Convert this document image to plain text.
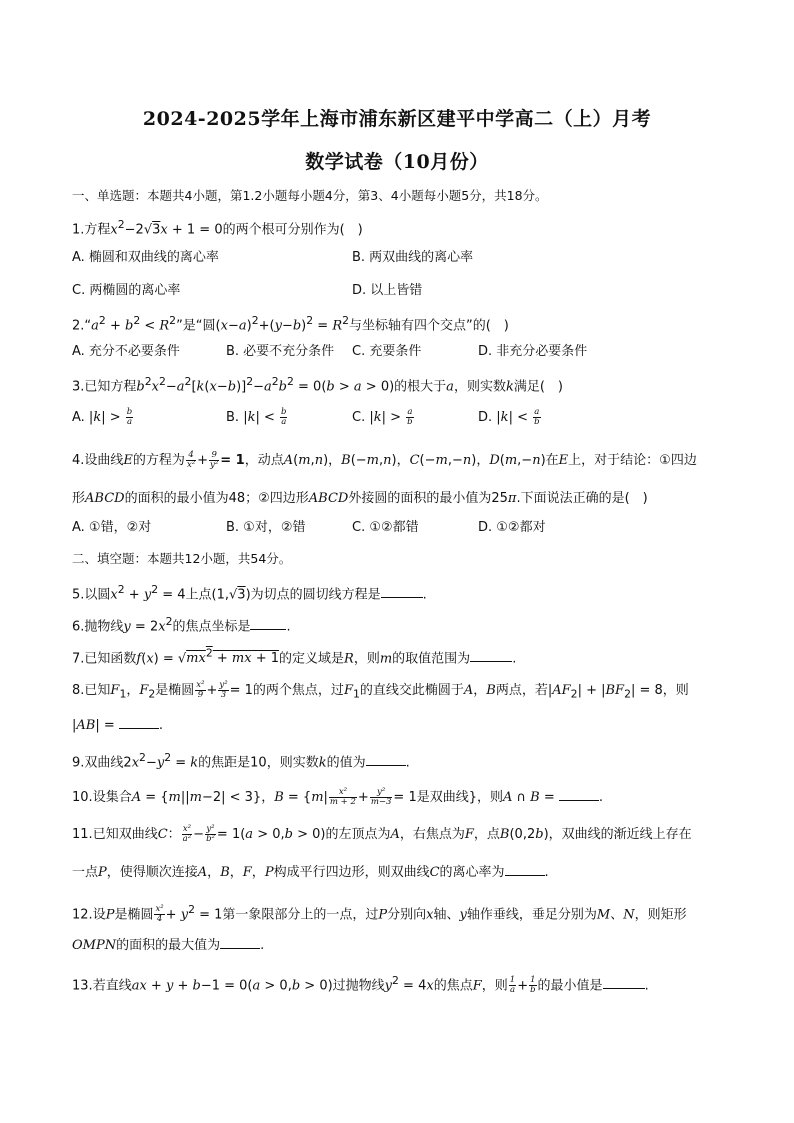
2024-2025学年上海市浦东新区建平中学高二（上）月考
数学试卷（10月份）
一、单选题：本题共4小题，第1.2小题每小题4分，第3、4小题每小题5分，共18分。
1.方程$x^2-2√3x + 1 = 0$的两个根可分别作为(　)
A. 椭圆和双曲线的离心率	B. 两双曲线的离心率
C. 两椭圆的离心率	D. 以上皆错
$2.“a^2 + b^2 < R^2$”是“圆$(x-a)^2+(y-b)^2 = R^2$与坐标轴有四个交点”的(　)
A. 充分不必要条件	B. 必要不充分条件 C. 充要条件	D. 非充分必要条件
3.已知方程$b^2x^2-a^2[k(x-b)]^2-a^2b^2 = 0(b > a > 0)$的根大于a，则实数k满足(　)
A. $|k| > \frac{b}{a}$	B. $|k| < \frac{b}{a}$	C. $|k| > \frac{a}{b}$	D. $|k| < \frac{a}{b}$
4.设曲线E的方程为 $\frac{4}{\text{x²}} + \frac{9}{\text{y²}} = 1$，动点A(m,n)，B(−m,n)，C(−m,−n)，D(m,−n)在E上，对于结论：①四边
形ABCD的面积的最小值为48；②四边形ABCD外接圆的面积的最小值为25π.下面说法正确的是(　)
A. ①错，②对	B. ①对，②错	C. ①②都错	D. ①②都对
二、填空题：本题共12小题，共54分。
5.以圆$x^2 + y^2 = 4$上点(1,√3)为切点的圆切线方程是	.
6.抛物线$y = 2x^2$的焦点坐标是	.
7.已知函数$f(x) = √mx^2$ + mx + 1的定义域是R，则m的取值范围为	.
8.已知$F_1$，$F_2$是椭圆 $\frac{\text{x²}}{9} + \frac{\text{y²}}{3} = 1$的两个焦点，过$F_1$的直线交此椭圆于A，B两点，若$|AF_2| + |BF_2| = 8$，则
|AB| =	.
9.双曲线$2x^2-y^2 = k$的焦距是10，则实数k的值为	.
10.设集合A = {m||m−2| < 3}，$B = \{m| \frac{\text{x²}}{m + 2} + \frac{\text{y²}}{m-3} = 1$是双曲线}，则A ∩ B =	.
11.已知双曲线C： $\frac{\text{x²}}{\text{a²}} - \frac{\text{y²}}{\text{b²}} = 1(a > 0,b > 0)$的左顶点为A，右焦点为F，点B(0,2b)，双曲线的渐近线上存在
一点P，使得顺次连接A，B，F，P构成平行四边形，则双曲线C的离心率为	.
12.设P是椭圆 $\frac{\text{x²}}{4} + y^2 = 1$第一象限部分上的一点，过P分别向x轴、y轴作垂线，垂足分别为M、N，则矩形
OMPN的面积的最大值为	.
13.若直线ax + y + b−1 = 0(a > 0,b > 0)过抛物线$y^2 = 4x$的焦点F，则 $\frac{1}{a} + \frac{1}{b}$ 的最小值是	.
